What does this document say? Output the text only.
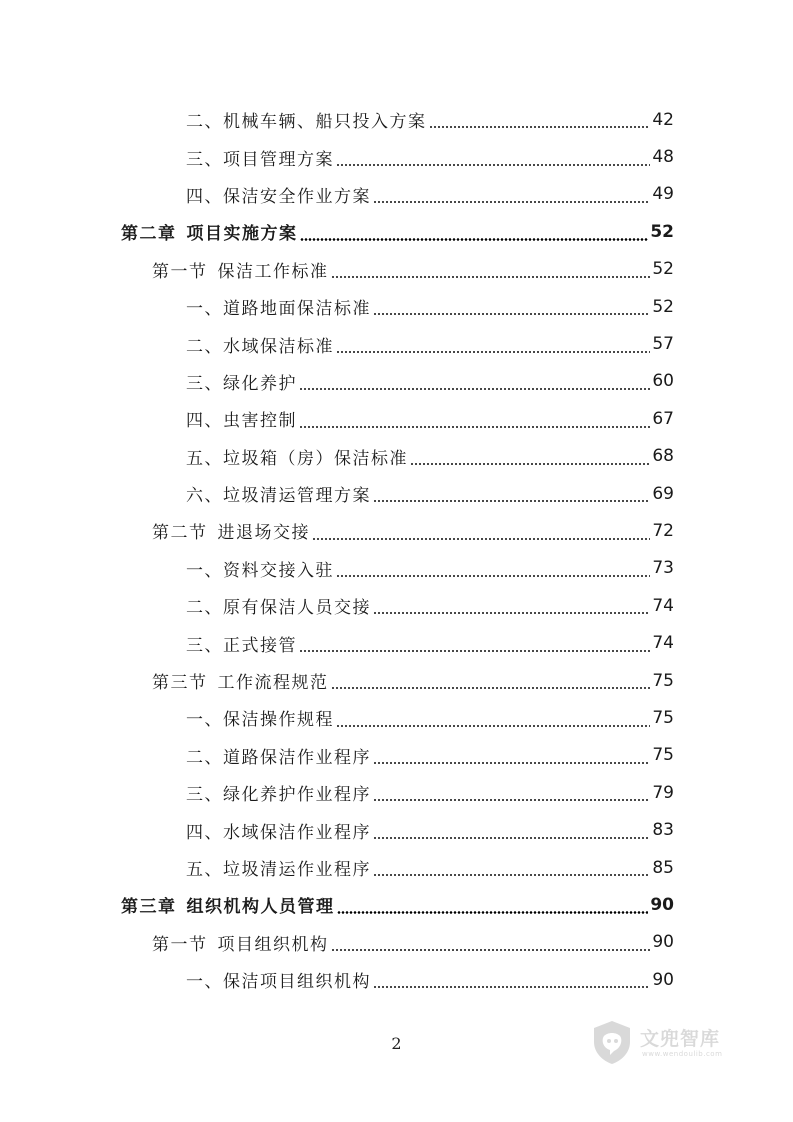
二、机械车辆、船只投入方案	42
三、项目管理方案	48
四、保洁安全作业方案	49
第二章 项目实施方案	52
第一节 保洁工作标准	52
一、道路地面保洁标准	52
二、水域保洁标准	57
三、绿化养护	60
四、虫害控制	67
五、垃圾箱（房）保洁标准	68
六、垃圾清运管理方案	69
第二节 进退场交接	72
一、资料交接入驻	73
二、原有保洁人员交接	74
三、正式接管	74
第三节 工作流程规范	75
一、保洁操作规程	75
二、道路保洁作业程序	75
三、绿化养护作业程序	79
四、水域保洁作业程序	83
五、垃圾清运作业程序	85
第三章 组织机构人员管理	90
第一节 项目组织机构	90
一、保洁项目组织机构	90
2	文兜智库
www.wendoulib.com
